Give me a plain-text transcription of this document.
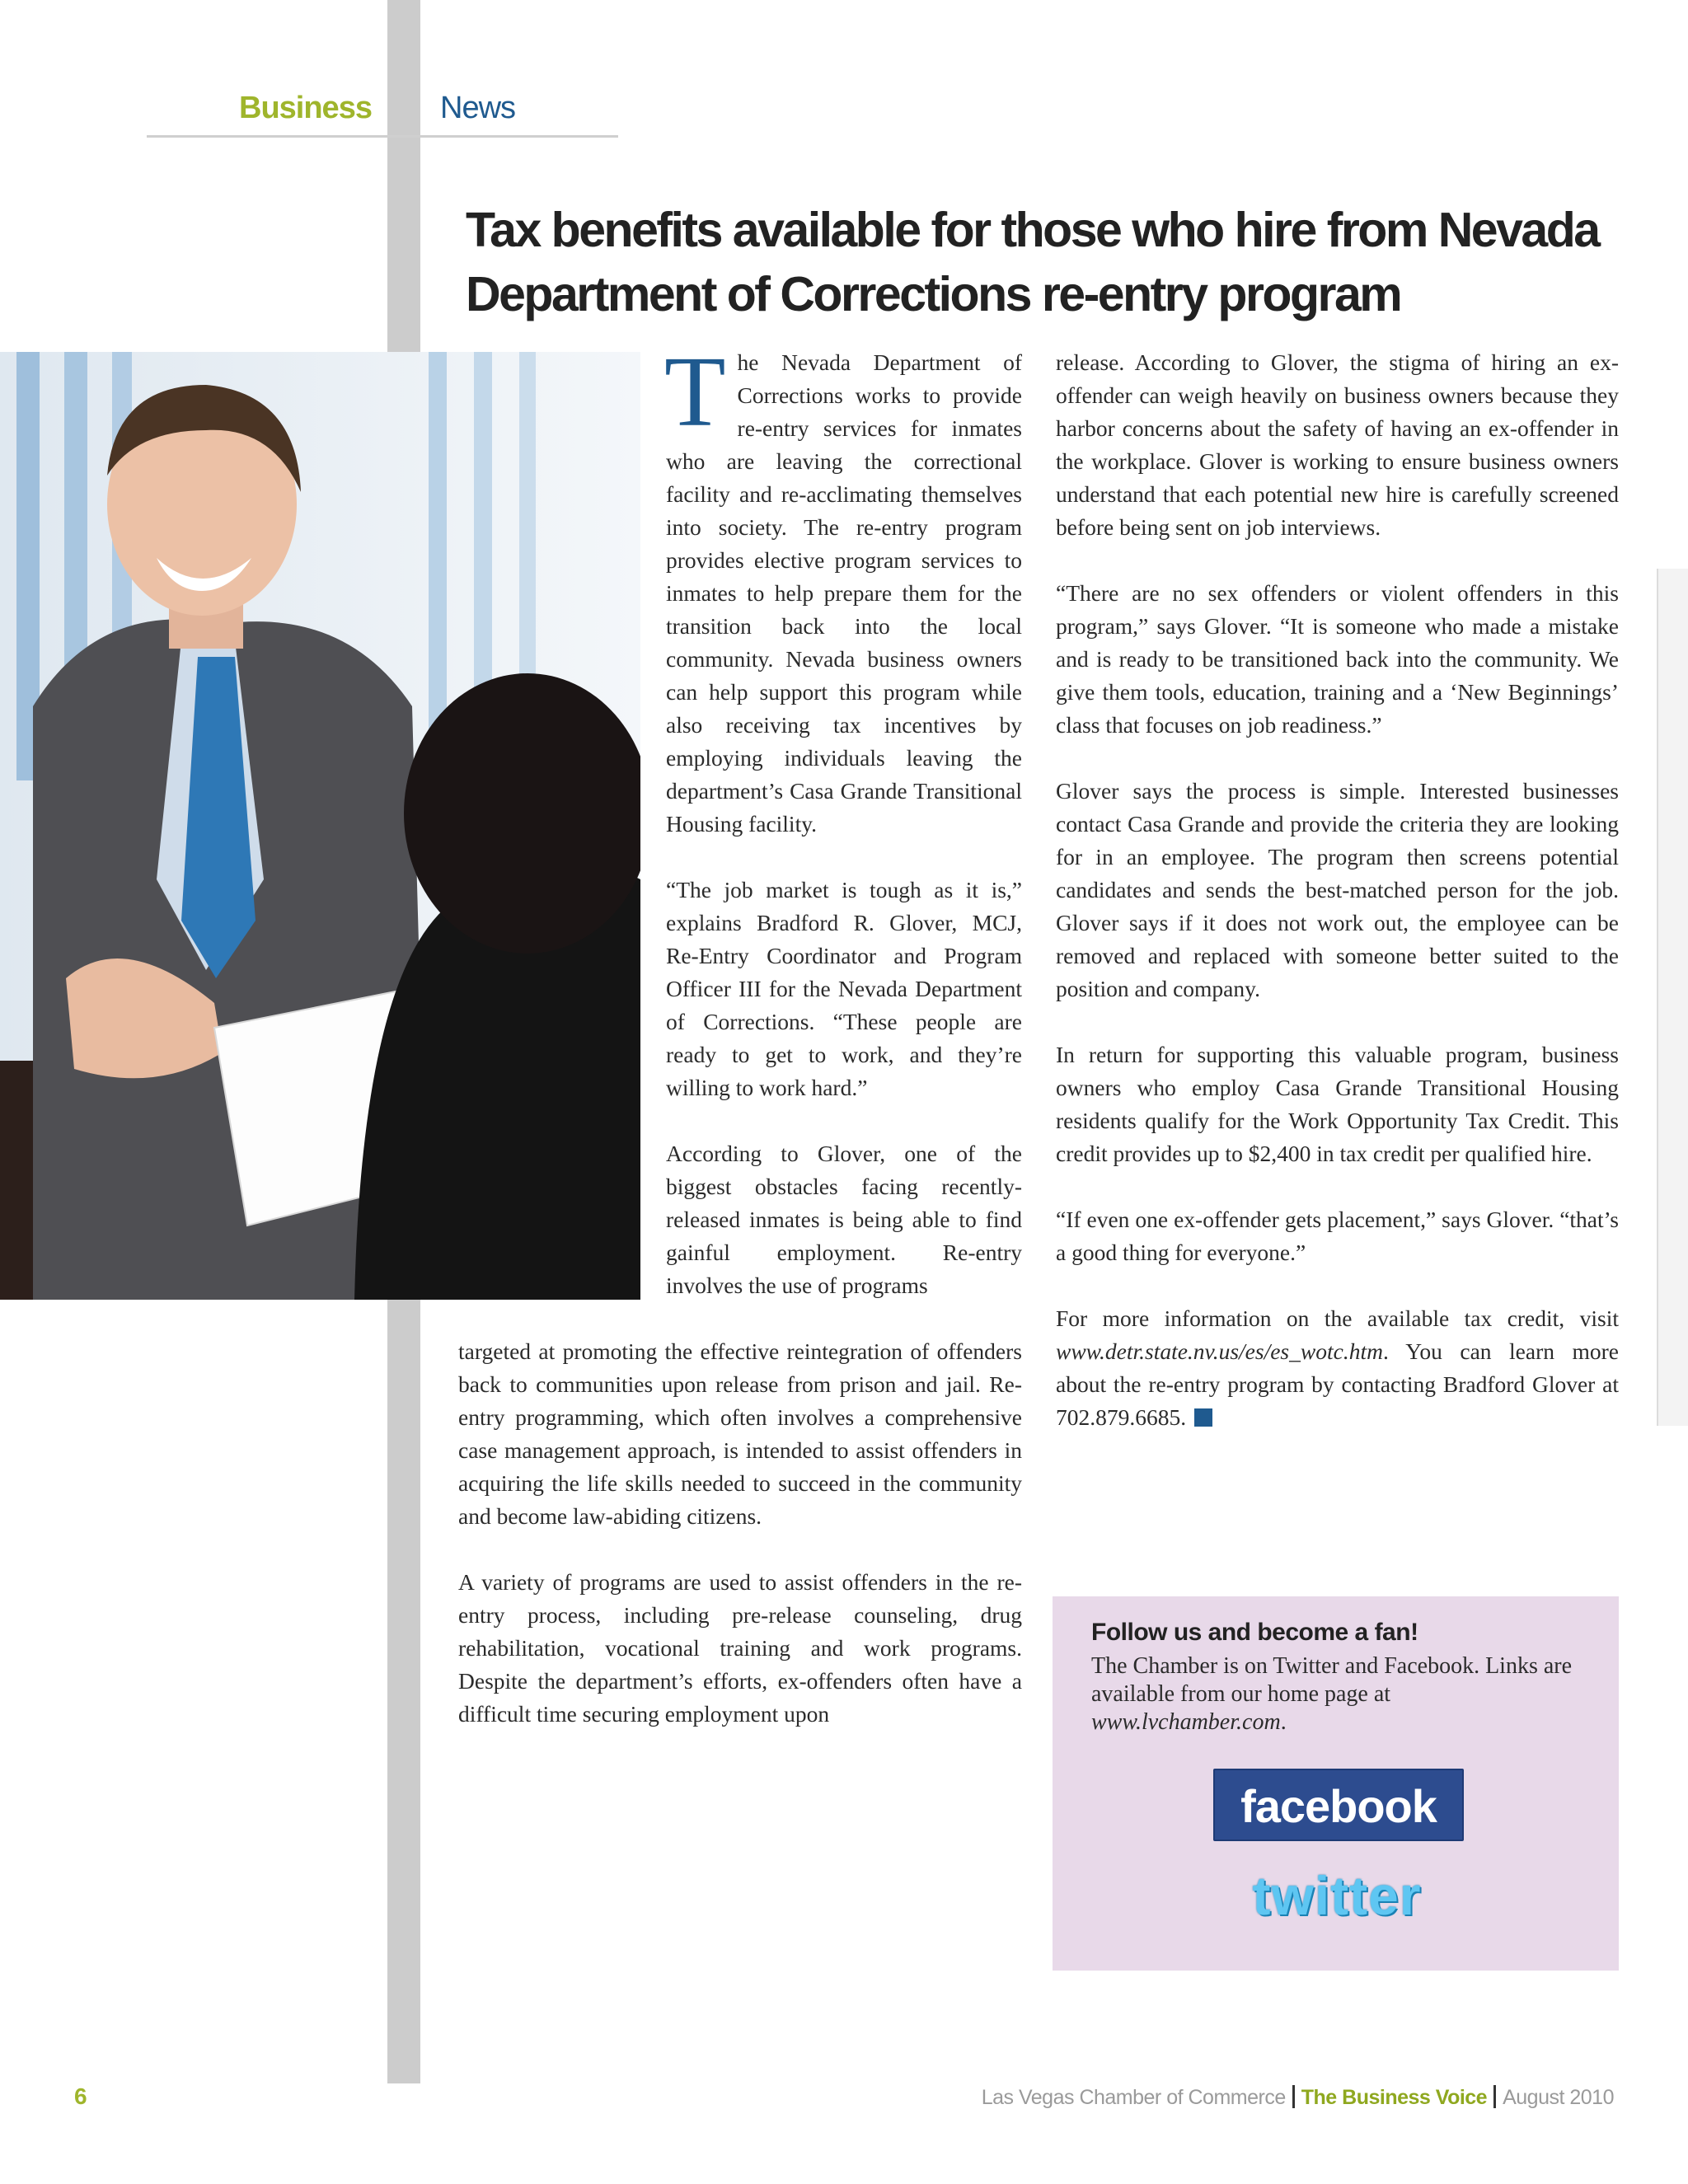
Business News
Tax benefits available for those who hire from Nevada Department of Corrections re-entry program

The Nevada Department of Corrections works to provide re-entry services for inmates who are leaving the correctional facility and re-acclimating themselves into society. The re-entry program provides elective program services to inmates to help prepare them for the transition back into the local community. Nevada business owners can help support this program while also receiving tax incentives by employing individuals leaving the department’s Casa Grande Transitional Housing facility.

“The job market is tough as it is,” explains Bradford R. Glover, MCJ, Re-Entry Coordinator and Program Officer III for the Nevada Department of Corrections. “These people are ready to get to work, and they’re willing to work hard.”

According to Glover, one of the biggest obstacles facing recently-released inmates is being able to find gainful employment. Re-entry involves the use of programs

targeted at promoting the effective reintegration of offenders back to communities upon release from prison and jail. Re-entry programming, which often involves a comprehensive case management approach, is intended to assist offenders in acquiring the life skills needed to succeed in the community and become law-abiding citizens.

A variety of programs are used to assist offenders in the re-entry process, including pre-release counseling, drug rehabilitation, vocational training and work programs. Despite the department’s efforts, ex-offenders often have a difficult time securing employment upon

release. According to Glover, the stigma of hiring an ex-offender can weigh heavily on business owners because they harbor concerns about the safety of having an ex-offender in the workplace. Glover is working to ensure business owners understand that each potential new hire is carefully screened before being sent on job interviews.

“There are no sex offenders or violent offenders in this program,” says Glover. “It is someone who made a mistake and is ready to be transitioned back into the community. We give them tools, education, training and a ‘New Beginnings’ class that focuses on job readiness.”

Glover says the process is simple. Interested businesses contact Casa Grande and provide the criteria they are looking for in an employee. The program then screens potential candidates and sends the best-matched person for the job. Glover says if it does not work out, the employee can be removed and replaced with someone better suited to the position and company.

In return for supporting this valuable program, business owners who employ Casa Grande Transitional Housing residents qualify for the Work Opportunity Tax Credit. This credit provides up to $2,400 in tax credit per qualified hire.

“If even one ex-offender gets placement,” says Glover. “that’s a good thing for everyone.”

For more information on the available tax credit, visit www.detr.state.nv.us/es/es_wotc.htm. You can learn more about the re-entry program by contacting Bradford Glover at 702.879.6685.

Follow us and become a fan!

The Chamber is on Twitter and Facebook. Links are available from our home page at www.lvchamber.com.

facebook
twitter
6	Las Vegas Chamber of Commerce The Business Voice August 2010
